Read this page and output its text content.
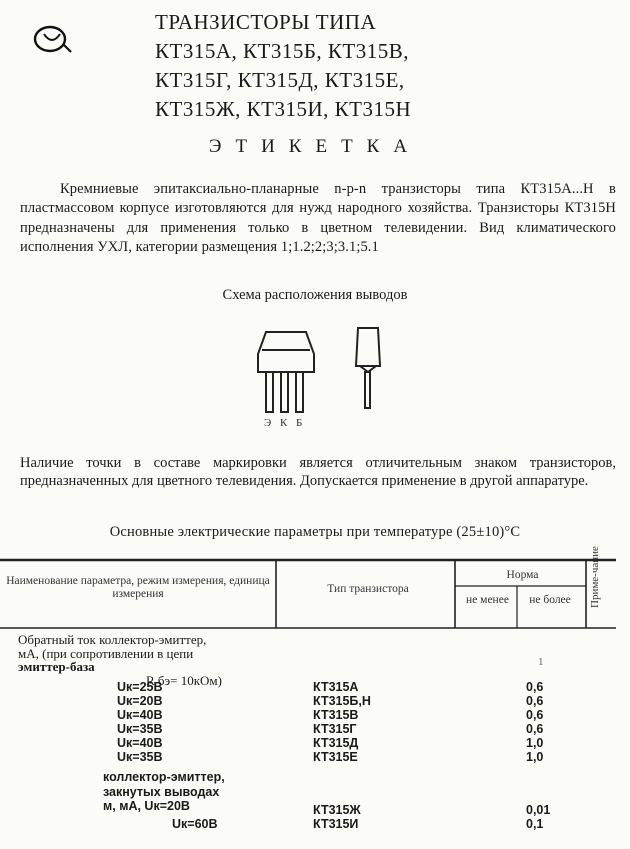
ТРАНЗИСТОРЫ ТИПА
КТ315А, КТ315Б, КТ315В,
КТ315Г, КТ315Д, КТ315Е,
КТ315Ж, КТ315И, КТ315Н
ЭТИКЕТКА
Кремниевые эпитаксиально-планарные n-p-n транзисторы типа КТ315А...Н в пластмассовом корпусе изготовляются для нужд народного хозяйства. Транзисторы КТ315Н предназначены для применения только в цветном телевидении. Вид климатического исполнения УХЛ, категории размещения 1;1.2;2;3;3.1;5.1
Схема расположения выводов
Э К Б
Наличие точки в составе маркировки является отличительным знаком транзисторов, предназначенных для цветного телевидения. Допускается применение в другой аппаратуре.
Основные электрические параметры при температуре (25±10)°С
Наименование параметра, режим измерения, единица измерения	Тип транзистора
Норма
не менее	не более	Приме-чание
Обратный ток коллектор-эмиттер,
мА, (при сопротивлении в цепи
эмиттер-база
R бэ= 10кОм)
1
Uк=25В	КТ315А	0,6
Uк=20В	КТ315Б,Н	0,6
Uк=40В	КТ315В	0,6
Uк=35В	КТ315Г	0,6
Uк=40В	КТ315Д	1,0
Uк=35В	КТ315Е	1,0
коллектор-эмиттер,
закнутых выводах
м, мА, Uк=20В	КТ315Ж	0,01
Uк=60В	КТ315И	0,1
